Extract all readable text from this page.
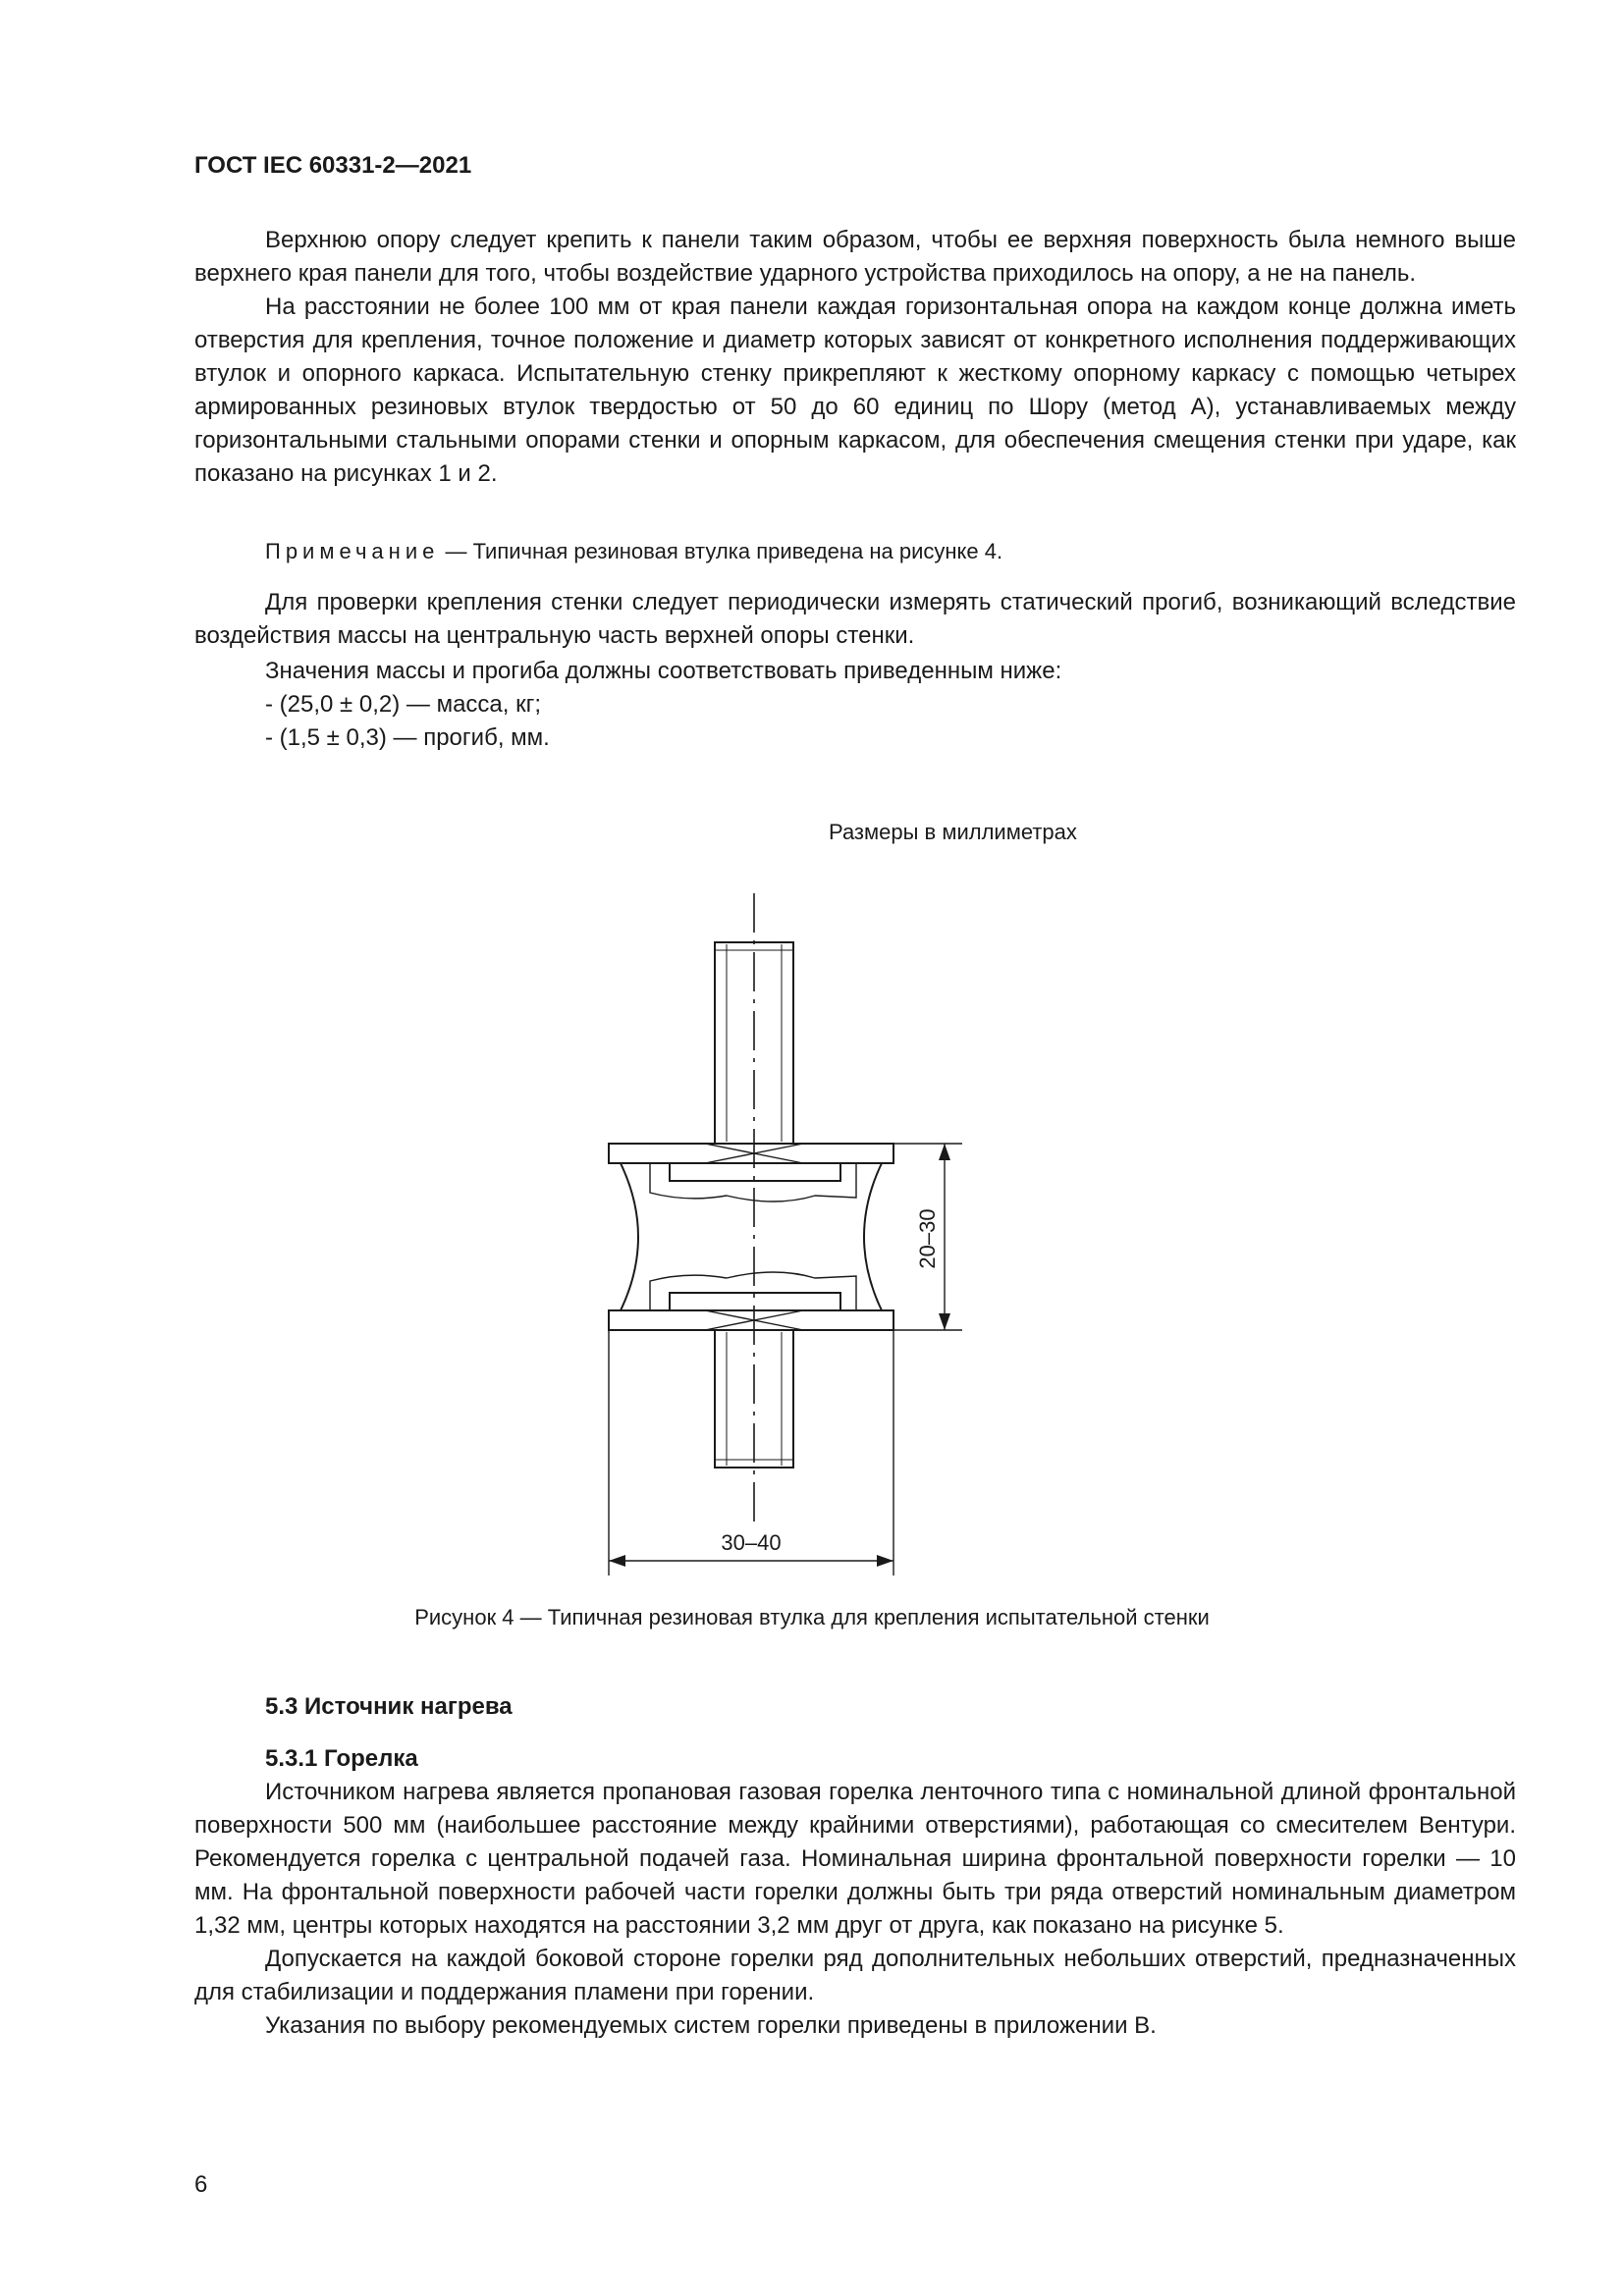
ГОСТ IEC 60331-2—2021

Верхнюю опору следует крепить к панели таким образом, чтобы ее верхняя поверхность была немного выше верхнего края панели для того, чтобы воздействие ударного устройства приходилось на опору, а не на панель.

На расстоянии не более 100 мм от края панели каждая горизонтальная опора на каждом конце должна иметь отверстия для крепления, точное положение и диаметр которых зависят от конкретного исполнения поддерживающих втулок и опорного каркаса. Испытательную стенку прикрепляют к жесткому опорному каркасу с помощью четырех армированных резиновых втулок твердостью от 50 до 60 единиц по Шору (метод А), устанавливаемых между горизонтальными стальными опорами стенки и опорным каркасом, для обеспечения смещения стенки при ударе, как показано на рисунках 1 и 2.

Примечание — Типичная резиновая втулка приведена на рисунке 4.

Для проверки крепления стенки следует периодически измерять статический прогиб, возникающий вследствие воздействия массы на центральную часть верхней опоры стенки.

Значения массы и прогиба должны соответствовать приведенным ниже:
- (25,0 ± 0,2) — масса, кг;
- (1,5 ± 0,3) — прогиб, мм.
Размеры в миллиметрах
20–30
30–40
Рисунок 4 — Типичная резиновая втулка для крепления испытательной стенки
5.3 Источник нагрева
5.3.1 Горелка

Источником нагрева является пропановая газовая горелка ленточного типа с номинальной длиной фронтальной поверхности 500 мм (наибольшее расстояние между крайними отверстиями), работающая со смесителем Вентури. Рекомендуется горелка с центральной подачей газа. Номинальная ширина фронтальной поверхности горелки — 10 мм. На фронтальной поверхности рабочей части горелки должны быть три ряда отверстий номинальным диаметром 1,32 мм, центры которых находятся на расстоянии 3,2 мм друг от друга, как показано на рисунке 5.

Допускается на каждой боковой стороне горелки ряд дополнительных небольших отверстий, предназначенных для стабилизации и поддержания пламени при горении.

Указания по выбору рекомендуемых систем горелки приведены в приложении В.

6
